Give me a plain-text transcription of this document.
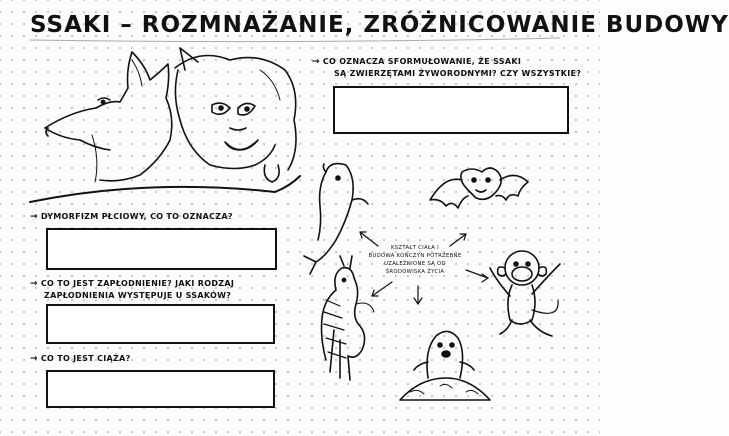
SSAKI – ROZMNAŻANIE, ZRÓŻNICOWANIE BUDOWY
→ CO OZNACZA SFORMUŁOWANIE, ŻE SSAKI
SĄ ZWIERZĘTAMI ŻYWORODNYMI? CZY WSZYSTKIE?
→ DYMORFIZM PŁCIOWY, CO TO OZNACZA?
→ CO TO JEST ZAPŁODNIENIE? JAKI RODZAJ
ZAPŁODNIENIA WYSTĘPUJE U SSAKÓW?
→ CO TO JEST CIĄŻA?
KSZTAŁT CIAŁA I
BUDOWA KOŃCZYN POTRZEBNE
UZALEŻNIONE SĄ OD
ŚRODOWISKA ŻYCIA
